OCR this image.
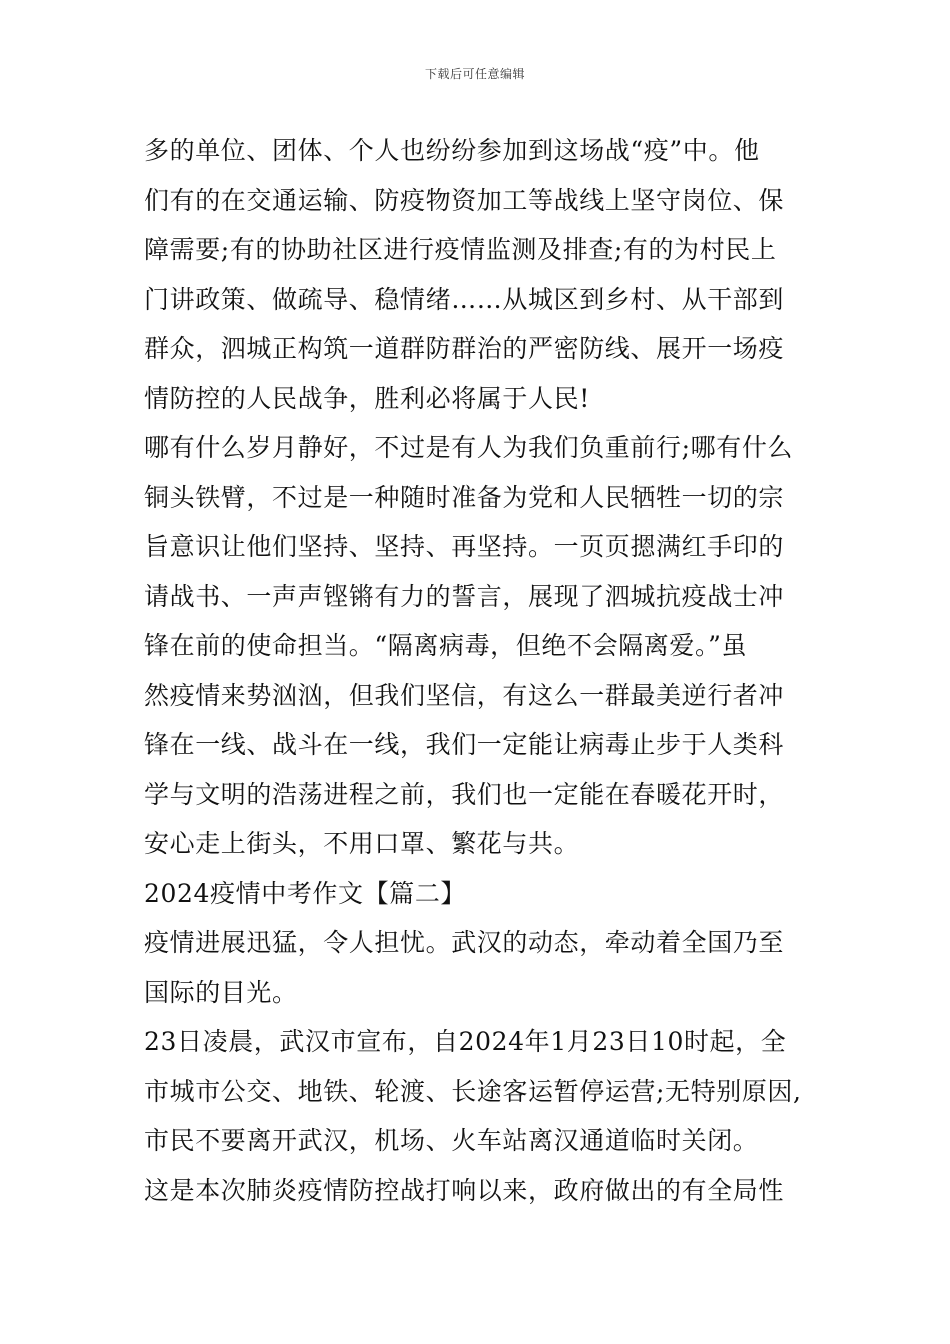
下载后可任意编辑
多的单位、团体、个人也纷纷参加到这场战“疫”中。他
们有的在交通运输、防疫物资加工等战线上坚守岗位、保
障需要;有的协助社区进行疫情监测及排查;有的为村民上
门讲政策、做疏导、稳情绪……从城区到乡村、从干部到
群众，泗城正构筑一道群防群治的严密防线、展开一场疫
情防控的人民战争，胜利必将属于人民!
哪有什么岁月静好，不过是有人为我们负重前行;哪有什么
铜头铁臂，不过是一种随时准备为党和人民牺牲一切的宗
旨意识让他们坚持、坚持、再坚持。一页页摁满红手印的
请战书、一声声铿锵有力的誓言，展现了泗城抗疫战士冲
锋在前的使命担当。“隔离病毒，但绝不会隔离爱。”虽
然疫情来势汹汹，但我们坚信，有这么一群最美逆行者冲
锋在一线、战斗在一线，我们一定能让病毒止步于人类科
学与文明的浩荡进程之前，我们也一定能在春暖花开时，
安心走上街头，不用口罩、繁花与共。
2024疫情中考作文【篇二】
疫情进展迅猛，令人担忧。武汉的动态，牵动着全国乃至
国际的目光。
23日凌晨，武汉市宣布，自2024年1月23日10时起，全
市城市公交、地铁、轮渡、长途客运暂停运营;无特别原因,
市民不要离开武汉，机场、火车站离汉通道临时关闭。
这是本次肺炎疫情防控战打响以来，政府做出的有全局性
